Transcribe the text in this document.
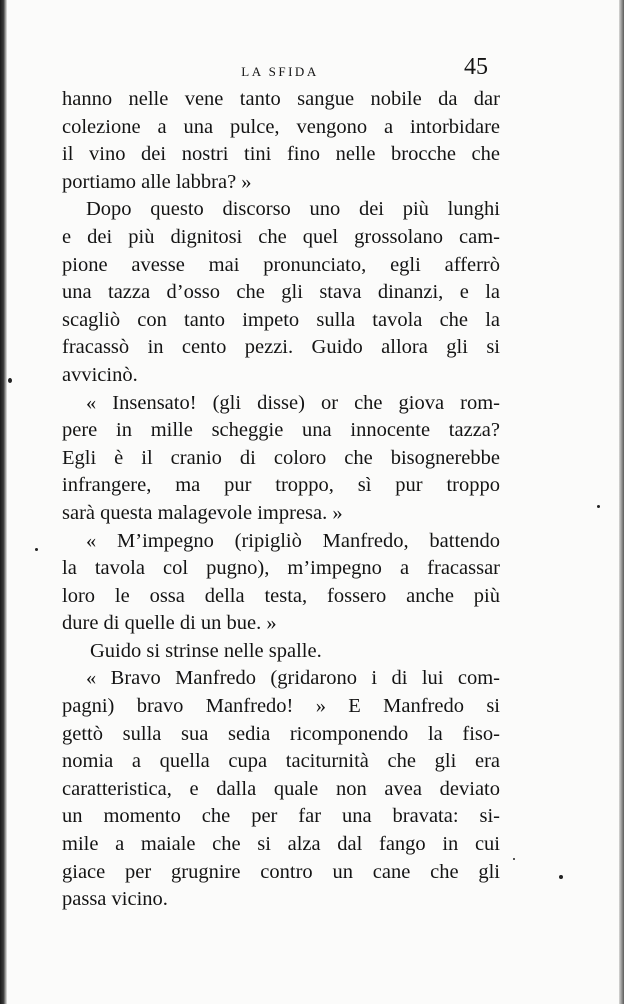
LA SFIDA	45
hanno nelle vene tanto sangue nobile da dar
colezione a una pulce, vengono a intorbidare
il vino dei nostri tini fino nelle brocche che
portiamo alle labbra? »
Dopo questo discorso uno dei più lunghi
e dei più dignitosi che quel grossolano cam-
pione avesse mai pronunciato, egli afferrò
una tazza d’osso che gli stava dinanzi, e la
scagliò con tanto impeto sulla tavola che la
fracassò in cento pezzi. Guido allora gli si
avvicinò.
« Insensato! (gli disse) or che giova rom-
pere in mille scheggie una innocente tazza?
Egli è il cranio di coloro che bisognerebbe
infrangere, ma pur troppo, sì pur troppo
sarà questa malagevole impresa. »
« M’impegno (ripigliò Manfredo, battendo
la tavola col pugno), m’impegno a fracassar
loro le ossa della testa, fossero anche più
dure di quelle di un bue. »
Guido si strinse nelle spalle.
« Bravo Manfredo (gridarono i di lui com-
pagni) bravo Manfredo! » E Manfredo si
gettò sulla sua sedia ricomponendo la fiso-
nomia a quella cupa taciturnità che gli era
caratteristica, e dalla quale non avea deviato
un momento che per far una bravata: si-
mile a maiale che si alza dal fango in cui
giace per grugnire contro un cane che gli
passa vicino.
